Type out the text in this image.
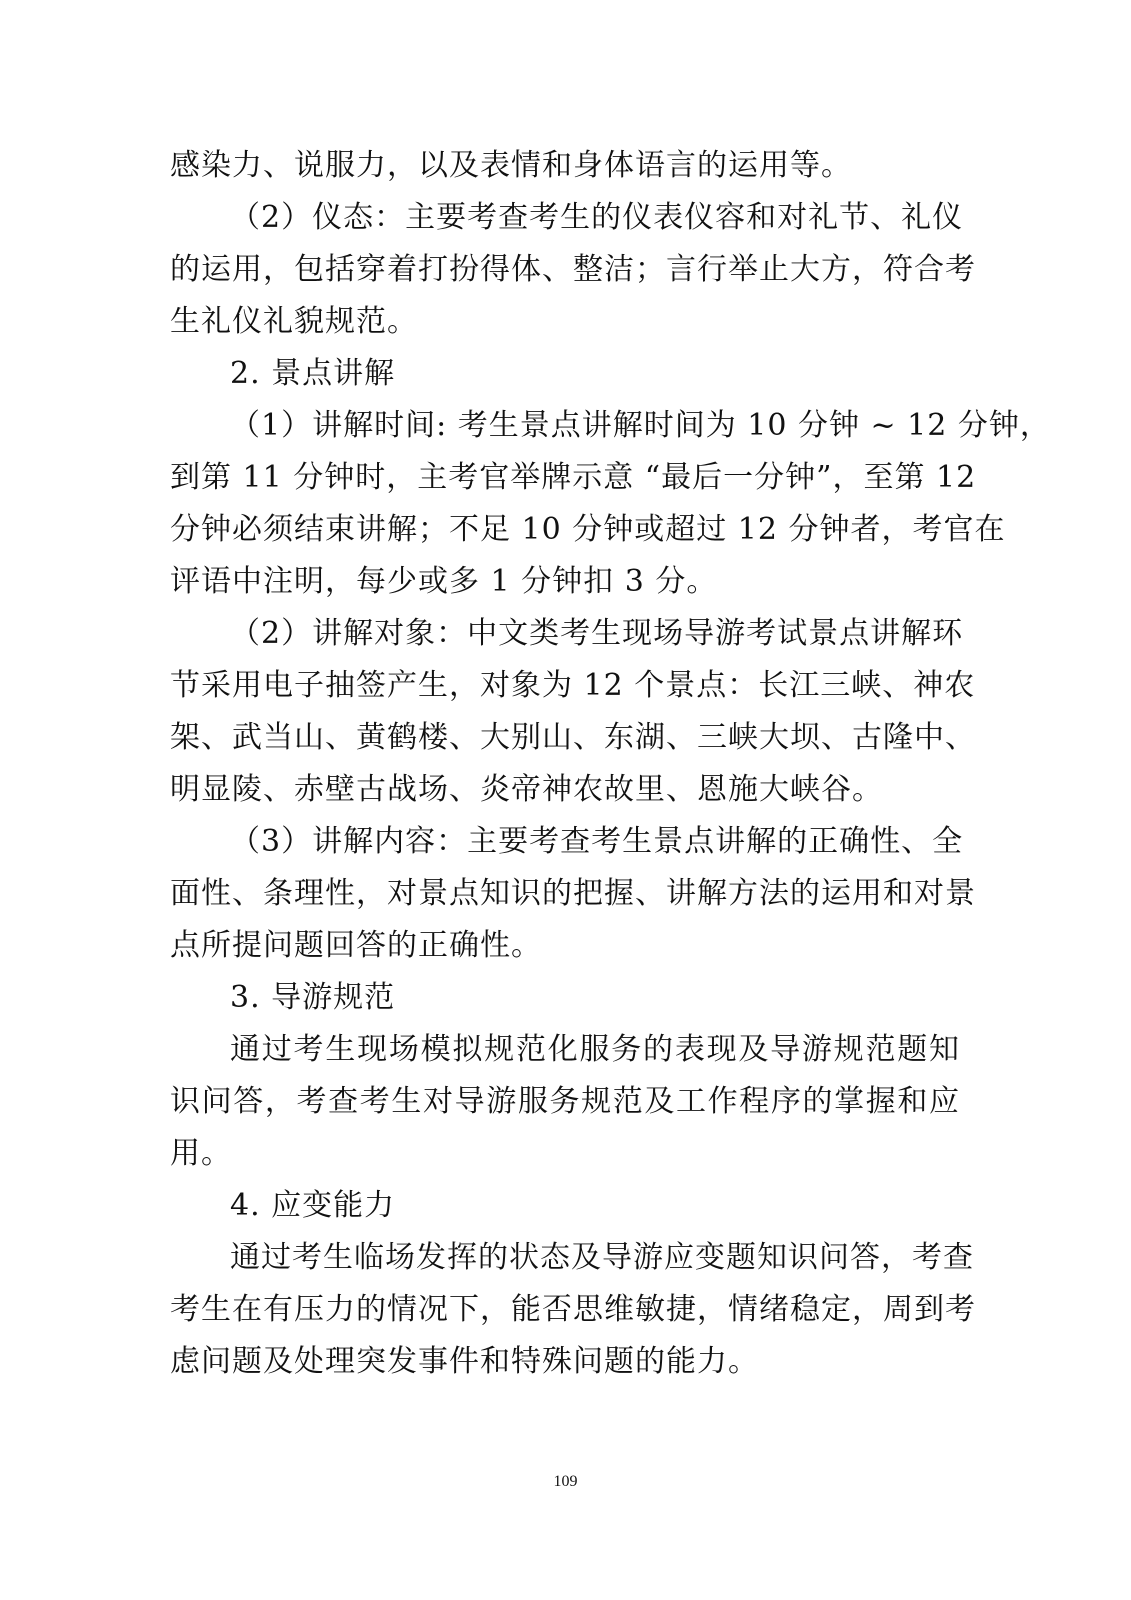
感染力、说服力，以及表情和身体语言的运用等。
（2）仪态：主要考查考生的仪表仪容和对礼节、礼仪
的运用，包括穿着打扮得体、整洁；言行举止大方，符合考
生礼仪礼貌规范。
2. 景点讲解
（1）讲解时间: 考生景点讲解时间为 10 分钟 ~ 12 分钟，
到第 11 分钟时，主考官举牌示意 “最后一分钟”，至第 12
分钟必须结束讲解；不足 10 分钟或超过 12 分钟者，考官在
评语中注明，每少或多 1 分钟扣 3 分。
（2）讲解对象：中文类考生现场导游考试景点讲解环
节采用电子抽签产生，对象为 12 个景点：长江三峡、神农
架、武当山、黄鹤楼、大别山、东湖、三峡大坝、古隆中、
明显陵、赤壁古战场、炎帝神农故里、恩施大峡谷。
（3）讲解内容：主要考查考生景点讲解的正确性、全
面性、条理性，对景点知识的把握、讲解方法的运用和对景
点所提问题回答的正确性。
3. 导游规范
通过考生现场模拟规范化服务的表现及导游规范题知
识问答，考查考生对导游服务规范及工作程序的掌握和应
用。
4. 应变能力
通过考生临场发挥的状态及导游应变题知识问答，考查
考生在有压力的情况下，能否思维敏捷，情绪稳定，周到考
虑问题及处理突发事件和特殊问题的能力。
109
